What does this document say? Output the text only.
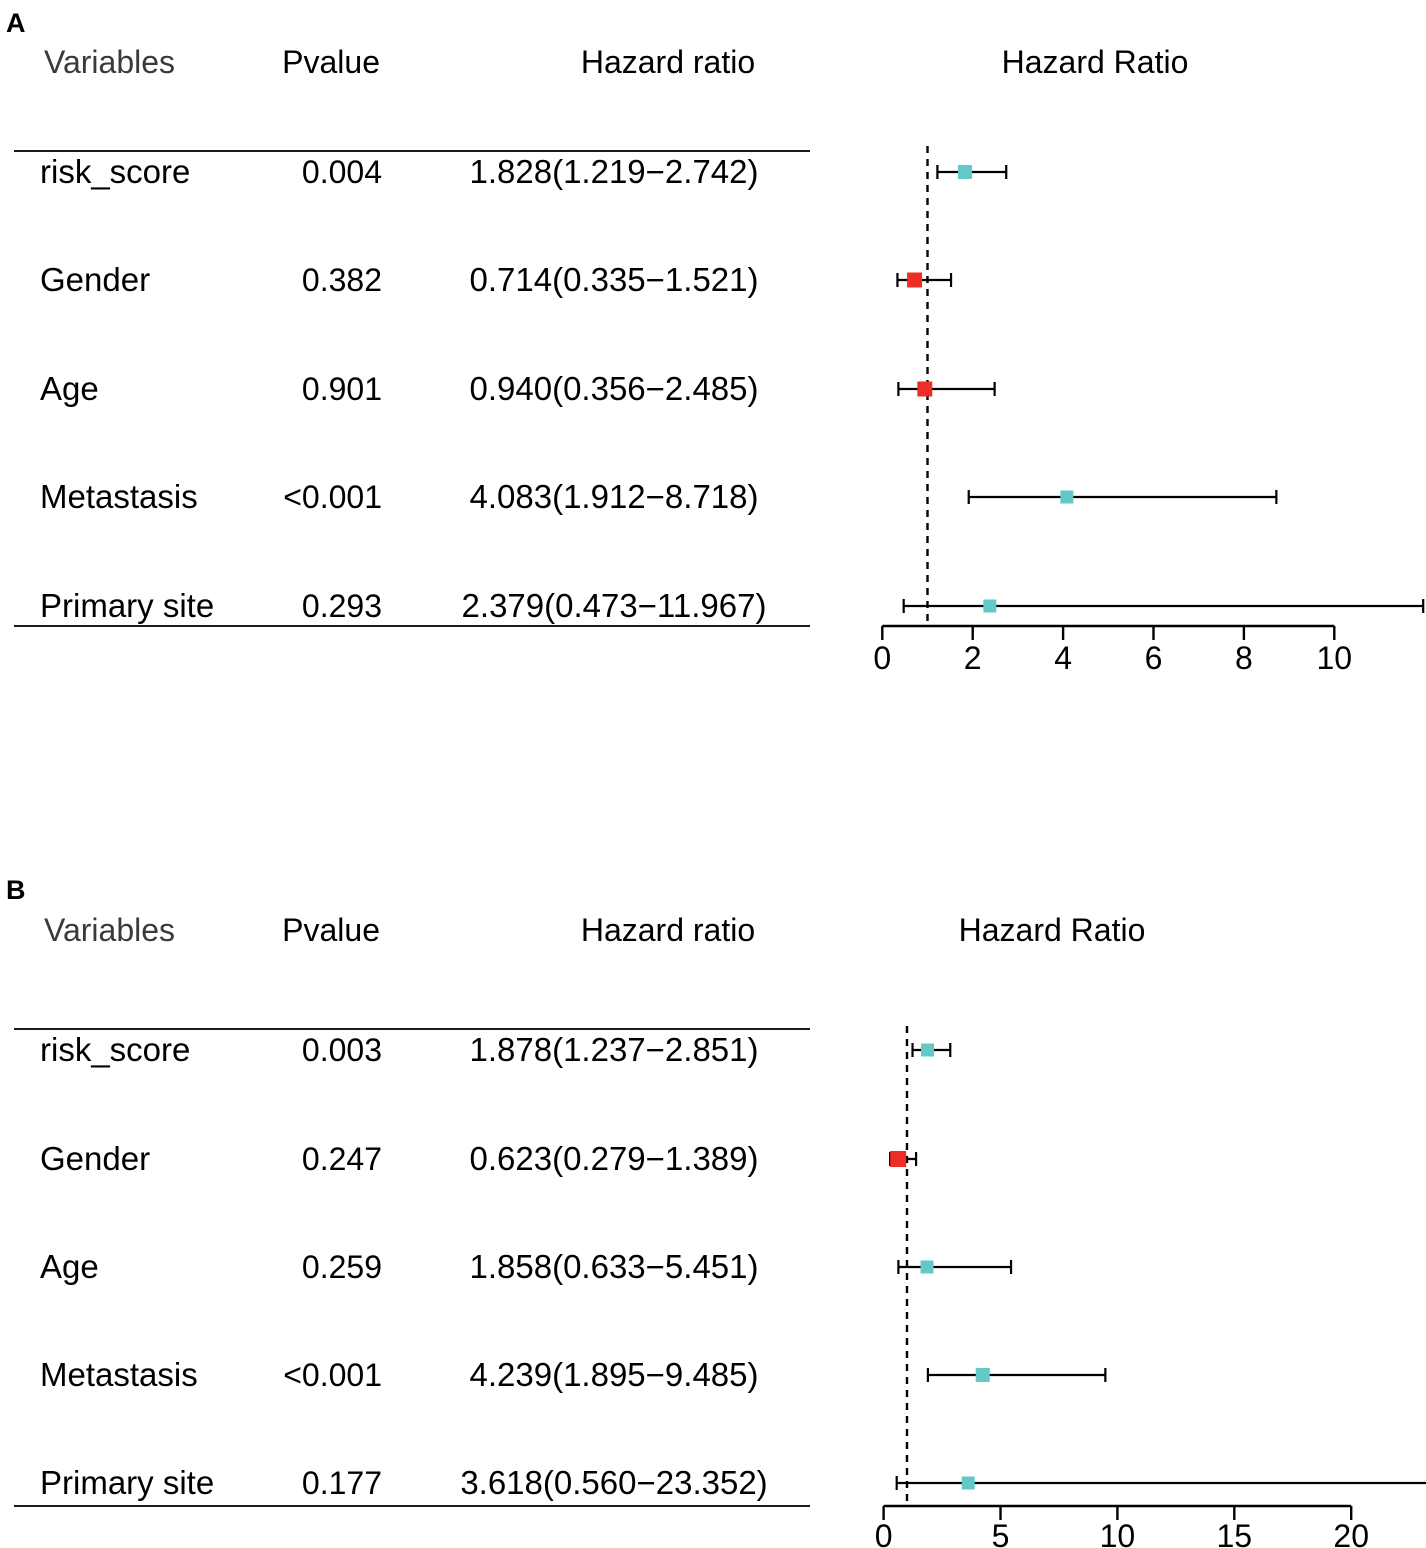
A
Variables	Pvalue	Hazard ratio	Hazard Ratio
risk_score	0.004	1.828(1.219−2.742)
Gender	0.382	0.714(0.335−1.521)
Age	0.901	0.940(0.356−2.485)
Metastasis	<0.001	4.083(1.912−8.718)
Primary site	0.293	2.379(0.473−11.967)
0 2 4 6 8 10
B
Variables	Pvalue	Hazard ratio	Hazard Ratio
risk_score	0.003	1.878(1.237−2.851)
Gender	0.247	0.623(0.279−1.389)
Age	0.259	1.858(0.633−5.451)
Metastasis	<0.001	4.239(1.895−9.485)
Primary site	0.177	3.618(0.560−23.352)
0	5	10	15	20
